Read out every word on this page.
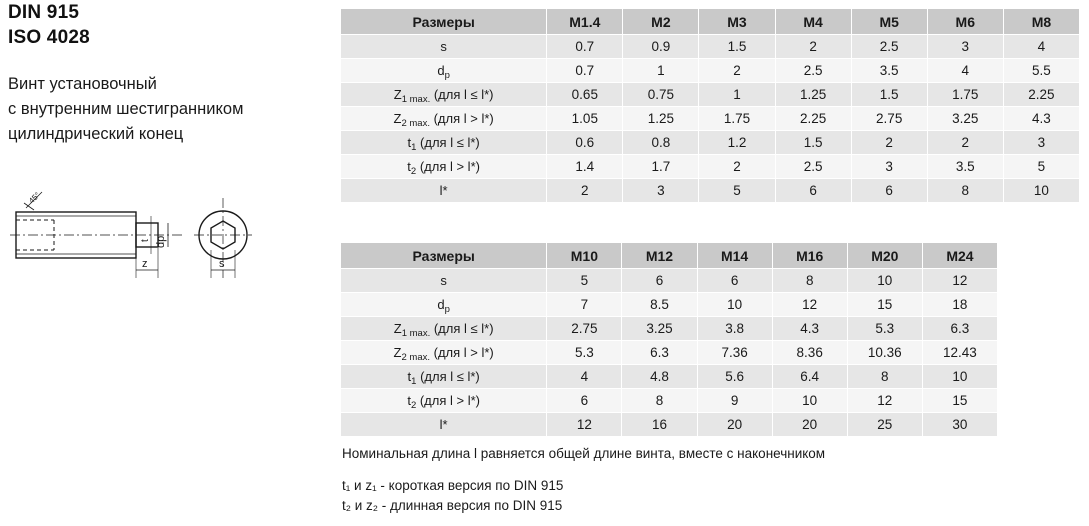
DIN 915
ISO 4028
Винт установочный
с внутренним шестигранником
цилиндрический конец
45°
z
dp
s
t
Размеры	M1.4	M2	M3	M4	M5	M6	M8
s	0.7	0.9	1.5	2	2.5	3	4
$d_p$	0.7	1	2	2.5	3.5	4	5.5
$Z_{1 max.}$ (для l ≤ l*)	0.65	0.75	1	1.25	1.5	1.75	2.25
$Z_{2 max.}$ (для l > l*)	1.05	1.25	1.75	2.25	2.75	3.25	4.3
$t_1$ (для l ≤ l*)	0.6	0.8	1.2	1.5	2	2	3
$t_2$ (для l > l*)	1.4	1.7	2	2.5	3	3.5	5
l*	2	3	5	6	6	8	10
Размеры	M10	M12	M14	M16	M20	M24
s	5	6	6	8	10	12
$d_p$	7	8.5	10	12	15	18
$Z_{1 max.}$ (для l ≤ l*)	2.75	3.25	3.8	4.3	5.3	6.3
$Z_{2 max.}$ (для l > l*)	5.3	6.3	7.36	8.36	10.36	12.43
$t_1$ (для l ≤ l*)	4	4.8	5.6	6.4	8	10
$t_2$ (для l > l*)	6	8	9	10	12	15
l*	12	16	20	20	25	30
Номинальная длина l равняется общей длине винта, вместе с наконечником
t₁ и z₁ - короткая версия по DIN 915
t₂ и z₂ - длинная версия по DIN 915
